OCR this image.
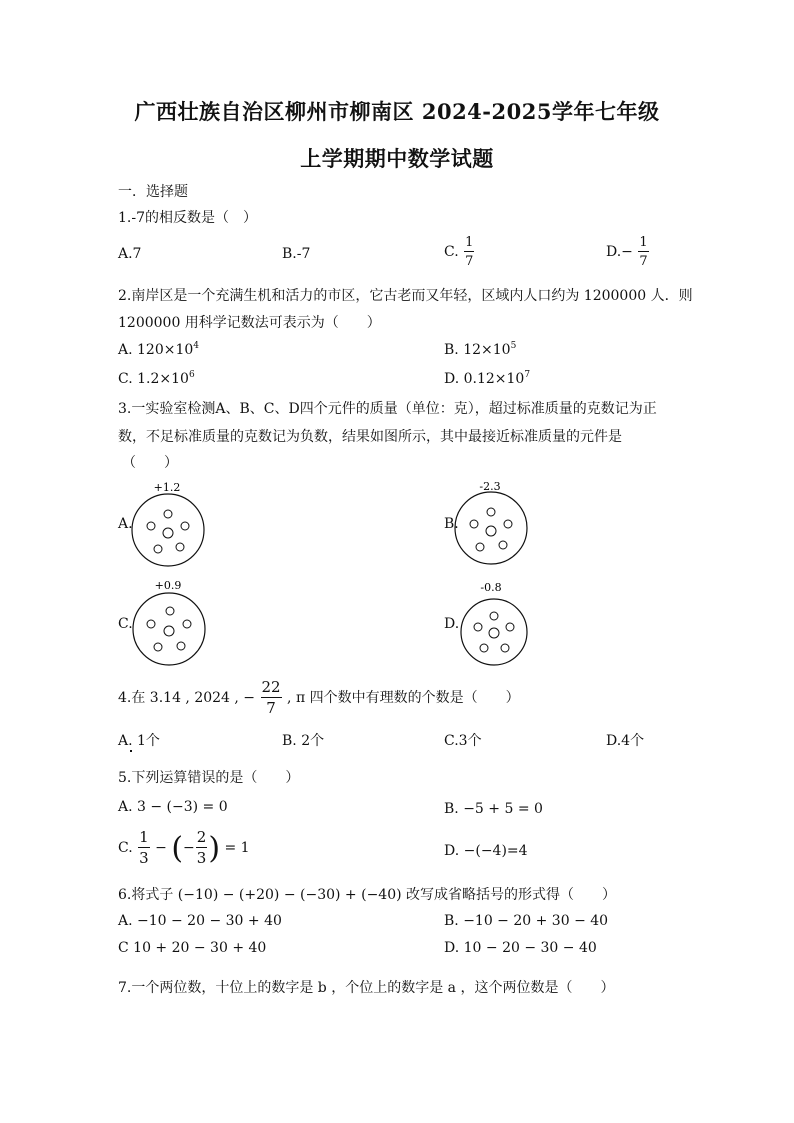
广西壮族自治区柳州市柳南区 2024-2025学年七年级
上学期期中数学试题
一．选择题
1.-7的相反数是（　）
A.7	B.-7	C. $\frac{1}{7}$	$D.- \frac{1}{7}$
2.南岸区是一个充满生机和活力的市区，它古老而又年轻，区域内人口约为 1200000 人．则
1200000 用科学记数法可表示为（　　）
A. $120\times 10^4$	B. $12\times 10^5$
C. $1.2\times 10^6$	D. $0.12\times 10^7$
3.一实验室检测A、B、C、D四个元件的质量（单位：克），超过标准质量的克数记为正
数，不足标准质量的克数记为负数，结果如图所示，其中最接近标准质量的元件是
（　　）
A.
+1.2
B.
-2.3
C.
+0.9
D.
-0.8
4.在 3.14 , 2024 , − $\frac{22}{7}$ , π 四个数中有理数的个数是（　　）
A. 1个	B. 2个	C.3个	D.4个
5.下列运算错误的是（　　）
A. 3 − (−3) = 0	B. −5 + 5 = 0
C. $\frac{1}{3}$ − (− $\frac{2}{3}$ ) = 1	D. −(−4)=4
6.将式子 (−10) − (+20) − (−30) + (−40) 改写成省略括号的形式得（　　）
A. −10 − 20 − 30 + 40	B. −10 − 20 + 30 − 40
C 10 + 20 − 30 + 40	D. 10 − 20 − 30 − 40
7.一个两位数，十位上的数字是 b ，个位上的数字是 a ，这个两位数是（　　）
